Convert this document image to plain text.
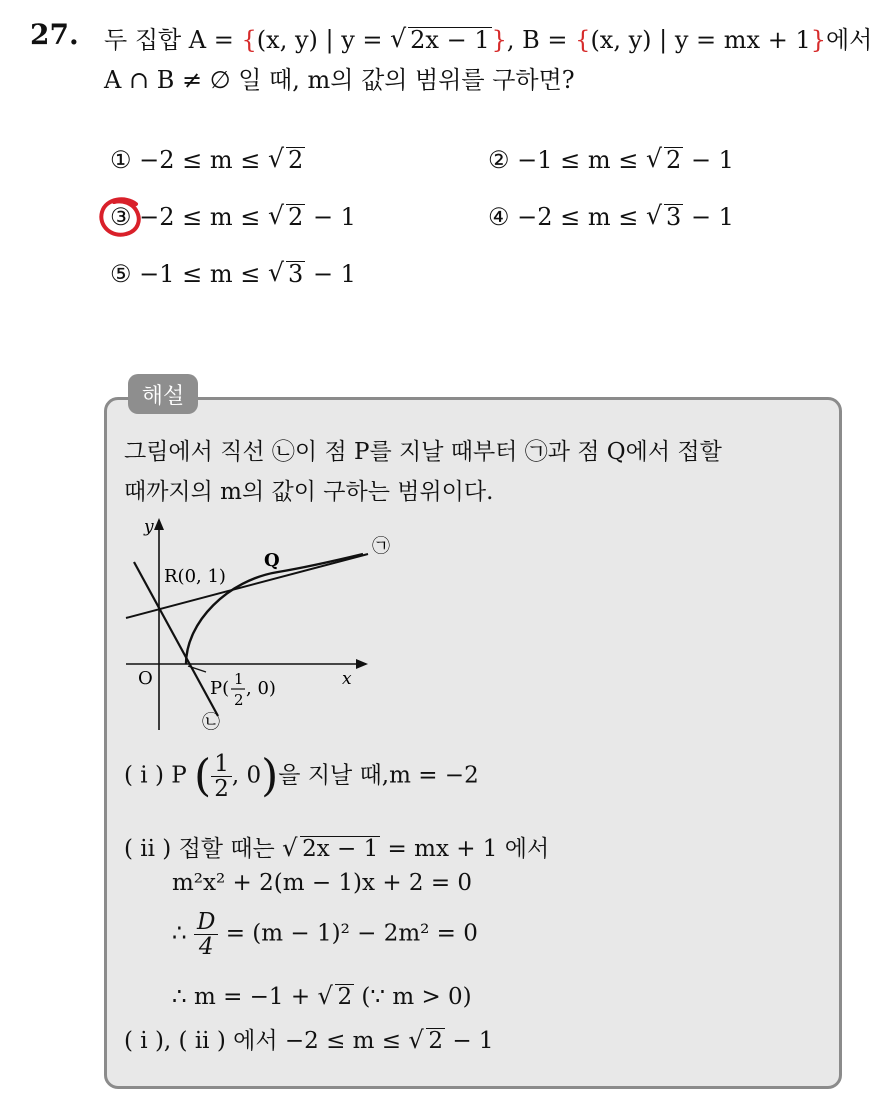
27. 두 집합 A = {(x, y) | y = √ 2x − 1}, B = {(x, y) | y = mx + 1}에서
A ∩ B ≠ ∅ 일 때, m의 값의 범위를 구하면?
① −2 ≤ m ≤ √ 2	② −1 ≤ m ≤ √ 2 − 1
③ −2 ≤ m ≤ √ 2 − 1	④ −2 ≤ m ≤ √ 3 − 1
⑤ −1 ≤ m ≤ √ 3 − 1
해설
그림에서 직선 ㉡이 점 P를 지날 때부터 ㉠과 점 Q에서 접할
때까지의 m의 값이 구하는 범위이다.
y
x
O
R(0, 1)
Q
㉠
㉡
P( 1
2
, 0)
( i ) P ( $\frac{1}{2}$ , 0)을 지날 때,m = −2
( ii ) 접할 때는 √ 2x − 1 = mx + 1 에서
m²x² + 2(m − 1)x + 2 = 0
∴ $\frac{D}{4} = (m - 1)^2 - 2m^2 = 0$
∴ m = −1 + √ 2 (∵ m > 0)
( i ), ( ii ) 에서 −2 ≤ m ≤ √ 2 − 1
